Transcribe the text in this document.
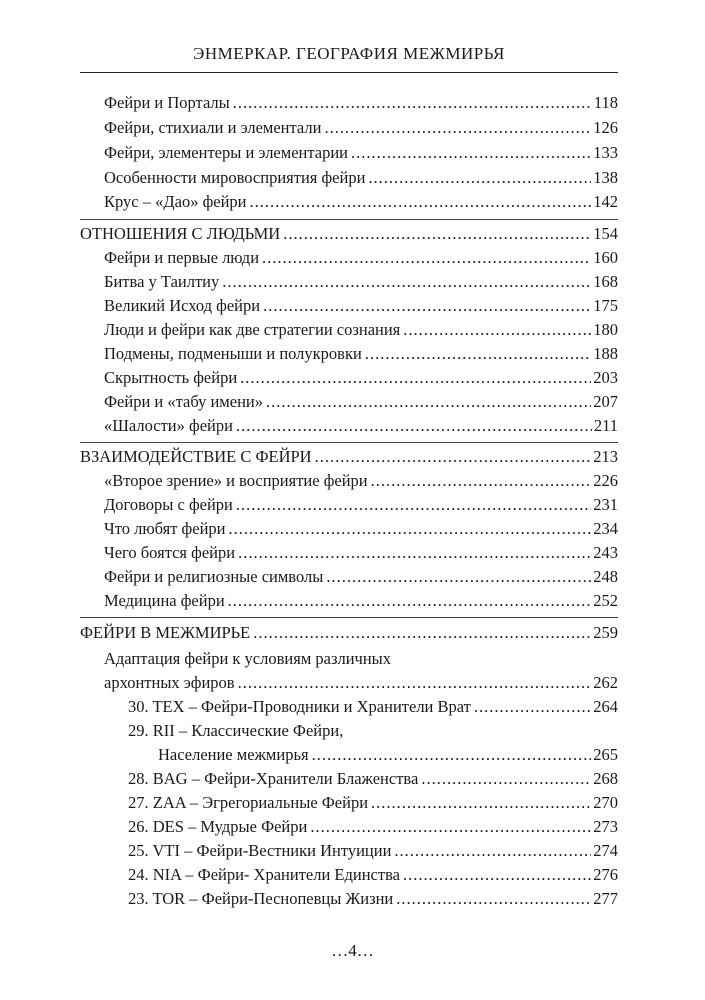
ЭНМЕРКАР. ГЕОГРАФИЯ МЕЖМИРЬЯ
Фейри и Порталы .....	118
Фейри, стихиали и элементали .....	126
Фейри, элементеры и элементарии .....	133
Особенности мировосприятия фейри .....	138
Крус – «Дао» фейри .....	142
ОТНОШЕНИЯ С ЛЮДЬМИ .....	154
Фейри и первые люди .....	160
Битва у Таилтиу .....	168
Великий Исход фейри .....	175
Люди и фейри как две стратегии сознания .....	180
Подмены, подменыши и полукровки .....	188
Скрытность фейри .....	203
Фейри и «табу имени» .....	207
«Шалости» фейри .....	211
ВЗАИМОДЕЙСТВИЕ С ФЕЙРИ .....	213
«Второе зрение» и восприятие фейри .....	226
Договоры с фейри .....	231
Что любят фейри .....	234
Чего боятся фейри .....	243
Фейри и религиозные символы .....	248
Медицина фейри .....	252
ФЕЙРИ В МЕЖМИРЬЕ .....	259
Адаптация фейри к условиям различных
архонтных эфиров .....	262
30. TEX – Фейри-Проводники и Хранители Врат .....	264
29. RII – Классические Фейри,
Население межмирья .....	265
28. BAG – Фейри-Хранители Блаженства .....	268
27. ZAA – Эгрегориальные Фейри .....	270
26. DES – Мудрые Фейри .....	273
25. VTI – Фейри-Вестники Интуиции .....	274
24. NIA – Фейри- Хранители Единства .....	276
23. TOR – Фейри-Песнопевцы Жизни .....	277
…4…
